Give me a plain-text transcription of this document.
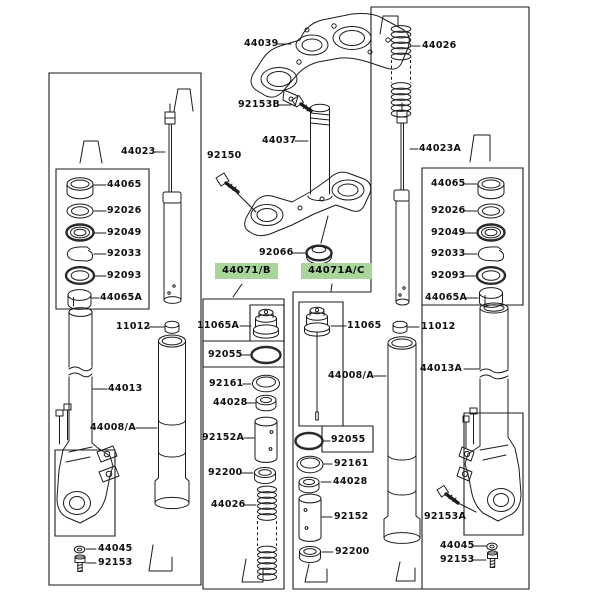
44039
92153B
44037
92150
92066
44071/B	44071A/C
44023
44065
92026
92049
92033
92093
44065A
11012
44013
44008/A
44045
92153
11065A
92055
92161
44028
92152A
92200
44026
11065
92055
92161
44028
92152
92200
44008/A
44026
44023A
44065
92026
92049
92033
92093
44065A
11012
44013A
92153A
44045
92153
